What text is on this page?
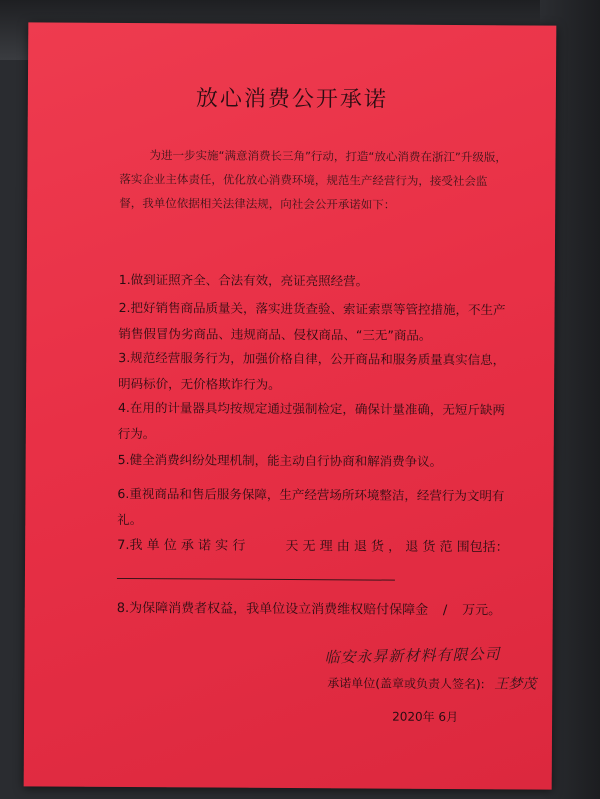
放心消费公开承诺
为进一步实施“满意消费长三角”行动，打造“放心消费在浙江”升级版，落实企业主体责任，优化放心消费环境，规范生产经营行为，接受社会监督，我单位依据相关法律法规，向社会公开承诺如下：
1.做到证照齐全、合法有效，亮证亮照经营。
2.把好销售商品质量关，落实进货查验、索证索票等管控措施，不生产销售假冒伪劣商品、违规商品、侵权商品、“三无”商品。
3.规范经营服务行为，加强价格自律，公开商品和服务质量真实信息，明码标价，无价格欺诈行为。
4.在用的计量器具均按规定通过强制检定，确保计量准确，无短斤缺两行为。
5.健全消费纠纷处理机制，能主动自行协商和解消费争议。
6.重视商品和售后服务保障，生产经营场所环境整洁，经营行为文明有礼。
7.我 单 位 承 诺 实 行	天 无 理 由 退 货 ， 退 货 范 围包括：
8.为保障消费者权益，我单位设立消费维权赔付保障金 / 万元。
临安永昇新材料有限公司
承诺单位(盖章或负责人签名): 王梦茂
2020年 6月
